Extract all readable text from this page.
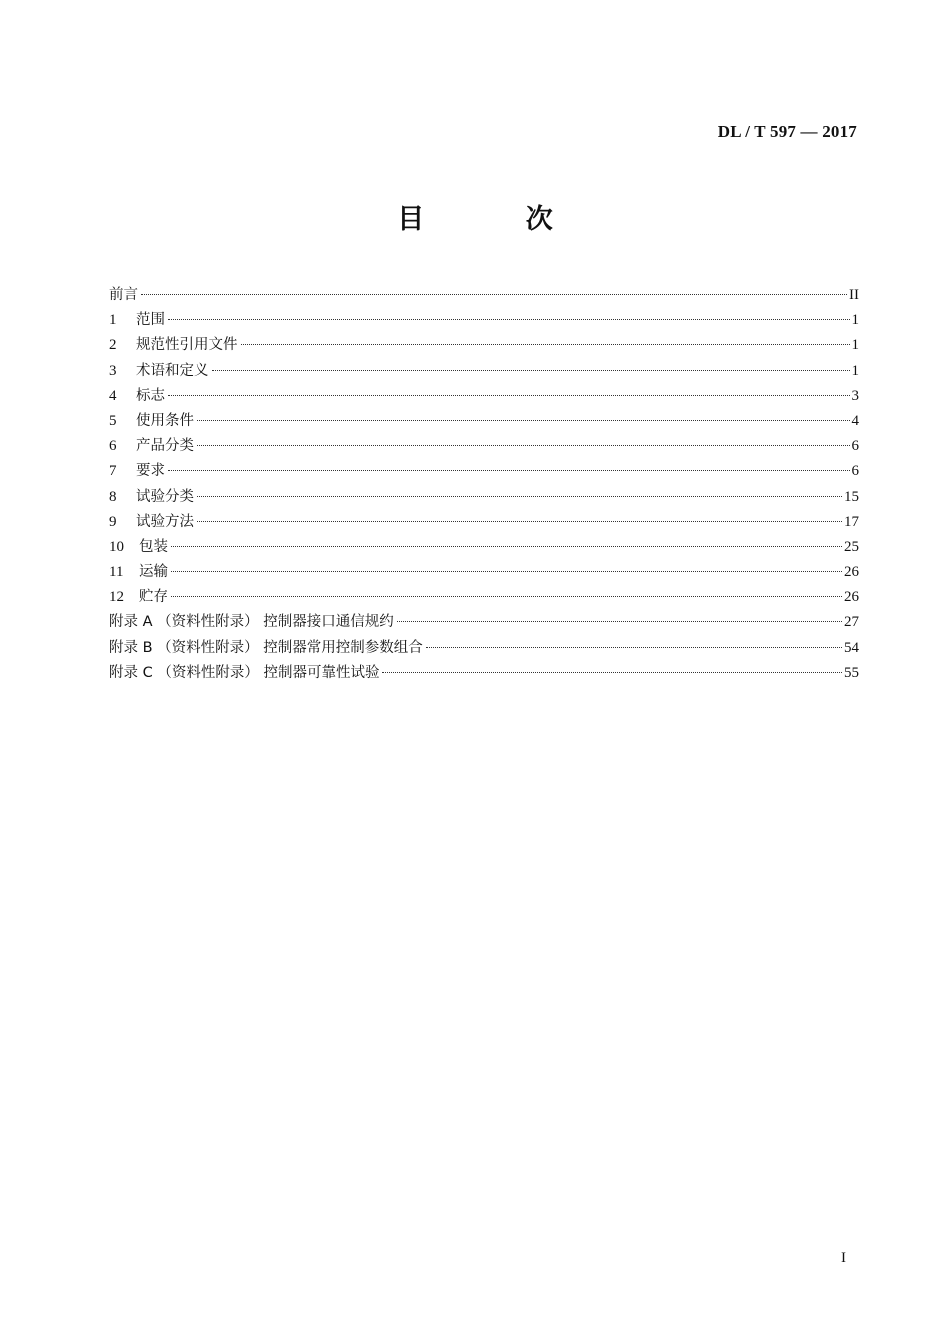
DL / T 597 — 2017
目 次
前言	II
1	范围	1
2	规范性引用文件	1
3	术语和定义	1
4	标志	3
5	使用条件	4
6	产品分类	6
7	要求	6
8	试验分类	15
9	试验方法	17
10	包装	25
11	运输	26
12	贮存	26
附录 A （资料性附录） 控制器接口通信规约	27
附录 B （资料性附录） 控制器常用控制参数组合	54
附录 C （资料性附录） 控制器可靠性试验	55
I
